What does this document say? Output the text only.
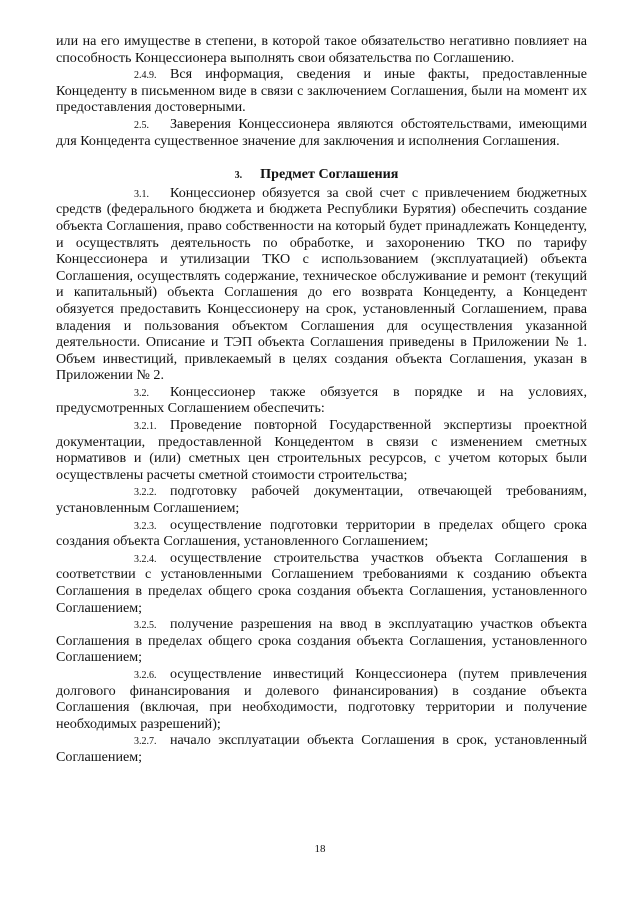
или на его имуществе в степени, в которой такое обязательство негативно повлияет на способность Концессионера выполнять свои обязательства по Соглашению.

2.4.9. Вся информация, сведения и иные факты, предоставленные Концеденту в письменном виде в связи с заключением Соглашения, были на момент их предоставления достоверными.

2.5. Заверения Концессионера являются обстоятельствами, имеющими для Концедента существенное значение для заключения и исполнения Соглашения.

3. Предмет Соглашения

3.1. Концессионер обязуется за свой счет с привлечением бюджетных средств (федерального бюджета и бюджета Республики Бурятия) обеспечить создание объекта Соглашения, право собственности на который будет принадлежать Концеденту, и осуществлять деятельность по обработке, и захоронению ТКО по тарифу Концессионера и утилизации ТКО с использованием (эксплуатацией) объекта Соглашения, осуществлять содержание, техническое обслуживание и ремонт (текущий и капитальный) объекта Соглашения до его возврата Концеденту, а Концедент обязуется предоставить Концессионеру на срок, установленный Соглашением, права владения и пользования объектом Соглашения для осуществления указанной деятельности. Описание и ТЭП объекта Соглашения приведены в Приложении № 1. Объем инвестиций, привлекаемый в целях создания объекта Соглашения, указан в Приложении № 2.

3.2. Концессионер также обязуется в порядке и на условиях, предусмотренных Соглашением обеспечить:

3.2.1. Проведение повторной Государственной экспертизы проектной документации, предоставленной Концедентом в связи с изменением сметных нормативов и (или) сметных цен строительных ресурсов, с учетом которых были осуществлены расчеты сметной стоимости строительства;

3.2.2. подготовку рабочей документации, отвечающей требованиям, установленным Соглашением;

3.2.3. осуществление подготовки территории в пределах общего срока создания объекта Соглашения, установленного Соглашением;

3.2.4. осуществление строительства участков объекта Соглашения в соответствии с установленными Соглашением требованиями к созданию объекта Соглашения в пределах общего срока создания объекта Соглашения, установленного Соглашением;

3.2.5. получение разрешения на ввод в эксплуатацию участков объекта Соглашения в пределах общего срока создания объекта Соглашения, установленного Соглашением;

3.2.6. осуществление инвестиций Концессионера (путем привлечения долгового финансирования и долевого финансирования) в создание объекта Соглашения (включая, при необходимости, подготовку территории и получение необходимых разрешений);

3.2.7. начало эксплуатации объекта Соглашения в срок, установленный Соглашением;

18
